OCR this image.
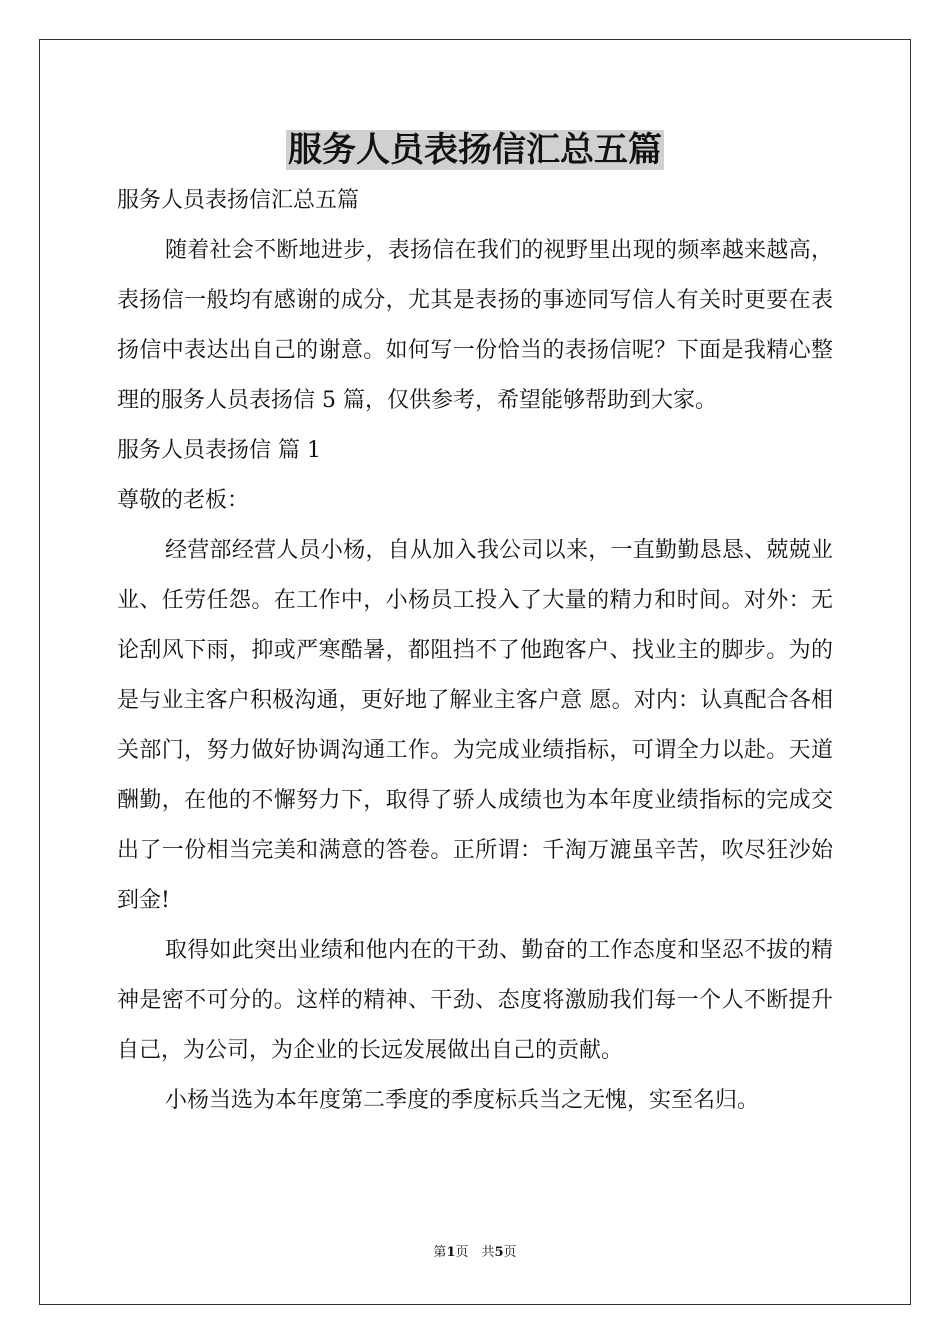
服务人员表扬信汇总五篇

服务人员表扬信汇总五篇

随着社会不断地进步，表扬信在我们的视野里出现的频率越来越高，表扬信一般均有感谢的成分，尤其是表扬的事迹同写信人有关时更要在表扬信中表达出自己的谢意。如何写一份恰当的表扬信呢？下面是我精心整理的服务人员表扬信 5 篇，仅供参考，希望能够帮助到大家。

服务人员表扬信 篇 1

尊敬的老板：

经营部经营人员小杨，自从加入我公司以来，一直勤勤恳恳、兢兢业业、任劳任怨。在工作中，小杨员工投入了大量的精力和时间。对外：无论刮风下雨，抑或严寒酷暑，都阻挡不了他跑客户、找业主的脚步。为的是与业主客户积极沟通，更好地了解业主客户意 愿。对内：认真配合各相关部门，努力做好协调沟通工作。为完成业绩指标，可谓全力以赴。天道酬勤，在他的不懈努力下，取得了骄人成绩也为本年度业绩指标的完成交出了一份相当完美和满意的答卷。正所谓：千淘万漉虽辛苦，吹尽狂沙始到金!

取得如此突出业绩和他内在的干劲、勤奋的工作态度和坚忍不拔的精神是密不可分的。这样的精神、干劲、态度将激励我们每一个人不断提升自己，为公司，为企业的长远发展做出自己的贡献。

小杨当选为本年度第二季度的季度标兵当之无愧，实至名归。

第1页　共5页
